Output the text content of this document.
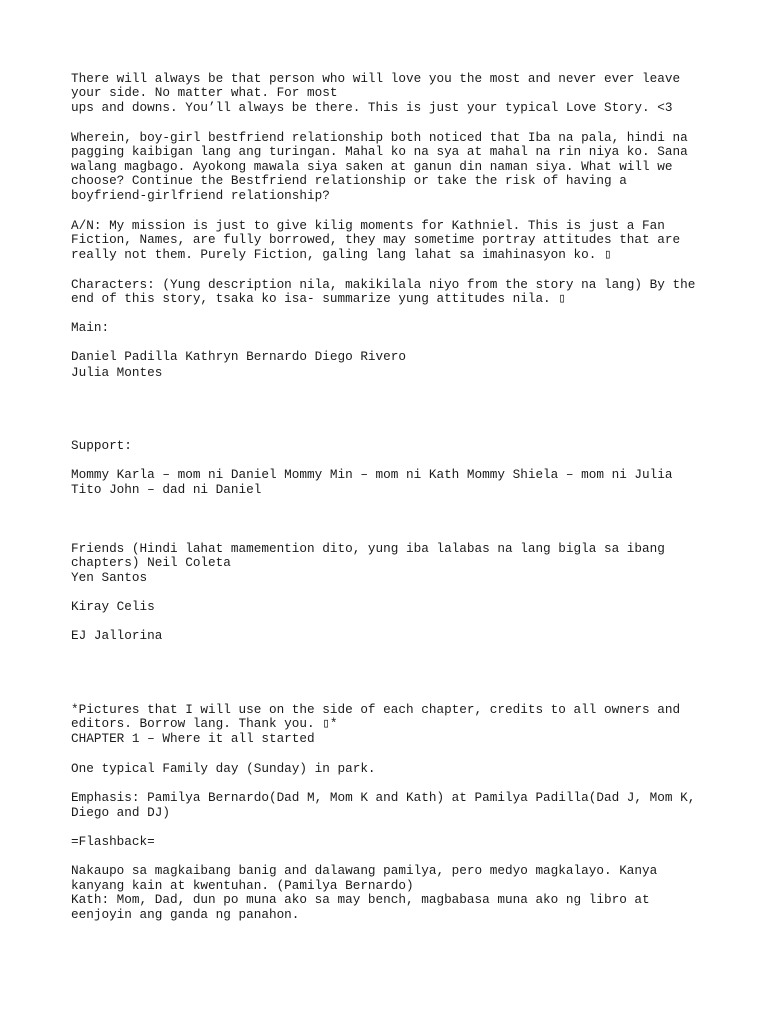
There will always be that person who will love you the most and never ever leave

your side. No matter what. For most

ups and downs. You’ll always be there. This is just your typical Love Story. <3

Wherein, boy-girl bestfriend relationship both noticed that Iba na pala, hindi na

pagging kaibigan lang ang turingan. Mahal ko na sya at mahal na rin niya ko. Sana

walang magbago. Ayokong mawala siya saken at ganun din naman siya. What will we

choose? Continue the Bestfriend relationship or take the risk of having a

boyfriend-girlfriend relationship?

A/N: My mission is just to give kilig moments for Kathniel. This is just a Fan

Fiction, Names, are fully borrowed, they may sometime portray attitudes that are

really not them. Purely Fiction, galing lang lahat sa imahinasyon ko. ▯

Characters: (Yung description nila, makikilala niyo from the story na lang) By the

end of this story, tsaka ko isa- summarize yung attitudes nila. ▯

Main:

Daniel Padilla Kathryn Bernardo Diego Rivero

Julia Montes

Support:

Mommy Karla – mom ni Daniel Mommy Min – mom ni Kath Mommy Shiela – mom ni Julia

Tito John – dad ni Daniel

Friends (Hindi lahat mamemention dito, yung iba lalabas na lang bigla sa ibang

chapters) Neil Coleta

Yen Santos

Kiray Celis

EJ Jallorina

*Pictures that I will use on the side of each chapter, credits to all owners and

editors. Borrow lang. Thank you. ▯*

CHAPTER 1 – Where it all started

One typical Family day (Sunday) in park.

Emphasis: Pamilya Bernardo(Dad M, Mom K and Kath) at Pamilya Padilla(Dad J, Mom K,

Diego and DJ)

=Flashback=

Nakaupo sa magkaibang banig and dalawang pamilya, pero medyo magkalayo. Kanya

kanyang kain at kwentuhan. (Pamilya Bernardo)

Kath: Mom, Dad, dun po muna ako sa may bench, magbabasa muna ako ng libro at

eenjoyin ang ganda ng panahon.
